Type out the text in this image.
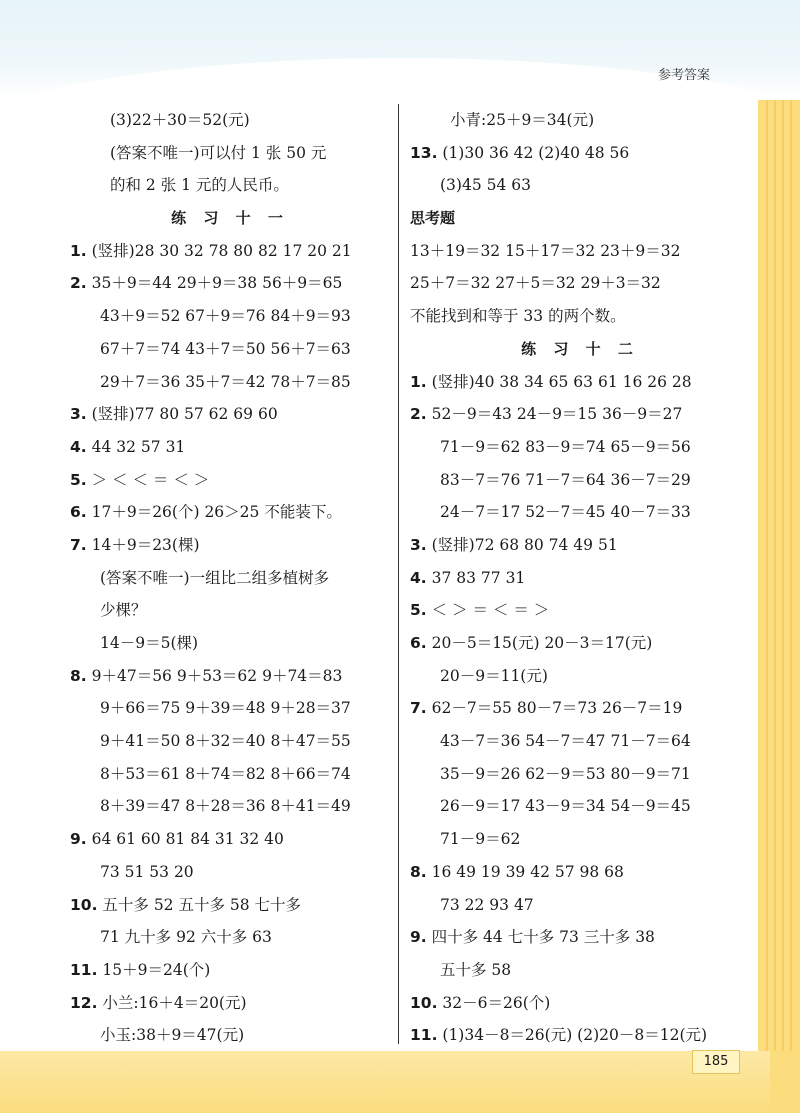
参考答案
(3)22＋30＝52(元)
(答案不唯一)可以付 1 张 50 元
的和 2 张 1 元的人民币。
练 习 十 一
1. (竖排)28 30 32 78 80 82 17 20 21
2. 35＋9＝44 29＋9＝38 56＋9＝65
43＋9＝52 67＋9＝76 84＋9＝93
67＋7＝74 43＋7＝50 56＋7＝63
29＋7＝36 35＋7＝42 78＋7＝85
3. (竖排)77 80 57 62 69 60
4. 44 32 57 31
5. ＞ ＜ ＜ ＝ ＜ ＞
6. 17＋9＝26(个) 26＞25 不能装下。
7. 14＋9＝23(棵)
(答案不唯一)一组比二组多植树多
少棵？
14－9＝5(棵)
8. 9＋47＝56 9＋53＝62 9＋74＝83
9＋66＝75 9＋39＝48 9＋28＝37
9＋41＝50 8＋32＝40 8＋47＝55
8＋53＝61 8＋74＝82 8＋66＝74
8＋39＝47 8＋28＝36 8＋41＝49
9. 64 61 60 81 84 31 32 40
73 51 53 20
10. 五十多 52 五十多 58 七十多
71 九十多 92 六十多 63
11. 15＋9＝24(个)
12. 小兰:16＋4＝20(元)
小玉:38＋9＝47(元)
小青:25＋9＝34(元)
13. (1)30 36 42 (2)40 48 56
(3)45 54 63
思考题
13＋19＝32 15＋17＝32 23＋9＝32
25＋7＝32 27＋5＝32 29＋3＝32
不能找到和等于 33 的两个数。
练 习 十 二
1. (竖排)40 38 34 65 63 61 16 26 28
2. 52－9＝43 24－9＝15 36－9＝27
71－9＝62 83－9＝74 65－9＝56
83－7＝76 71－7＝64 36－7＝29
24－7＝17 52－7＝45 40－7＝33
3. (竖排)72 68 80 74 49 51
4. 37 83 77 31
5. ＜ ＞ ＝ ＜ ＝ ＞
6. 20－5＝15(元) 20－3＝17(元)
20－9＝11(元)
7. 62－7＝55 80－7＝73 26－7＝19
43－7＝36 54－7＝47 71－7＝64
35－9＝26 62－9＝53 80－9＝71
26－9＝17 43－9＝34 54－9＝45
71－9＝62
8. 16 49 19 39 42 57 98 68
73 22 93 47
9. 四十多 44 七十多 73 三十多 38
五十多 58
10. 32－6＝26(个)
11. (1)34－8＝26(元) (2)20－8＝12(元)
185
